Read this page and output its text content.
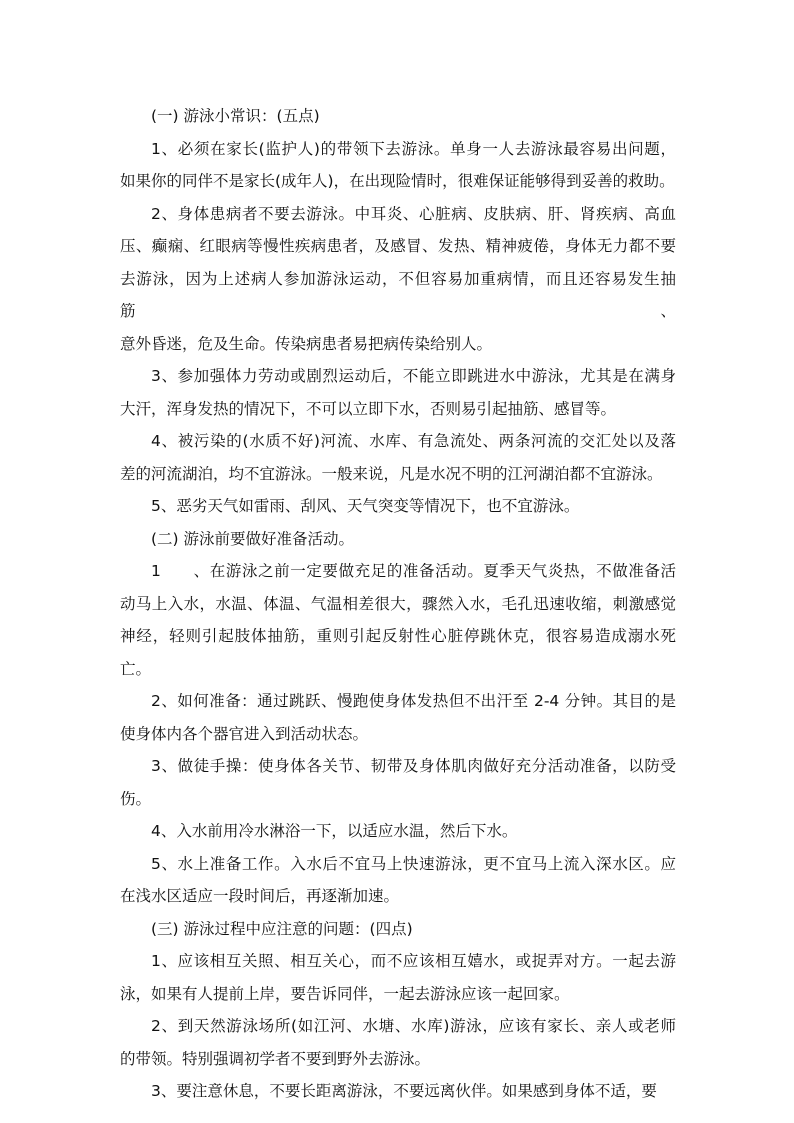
(一) 游泳小常识：(五点)
1、必须在家长(监护人)的带领下去游泳。单身一人去游泳最容易出问题，
如果你的同伴不是家长(成年人)，在出现险情时，很难保证能够得到妥善的救助。
2、身体患病者不要去游泳。中耳炎、心脏病、皮肤病、肝、肾疾病、高血
压、癫痫、红眼病等慢性疾病患者，及感冒、发热、精神疲倦，身体无力都不要
去游泳，因为上述病人参加游泳运动，不但容易加重病情，而且还容易发生抽筋、
意外昏迷，危及生命。传染病患者易把病传染给别人。
3、参加强体力劳动或剧烈运动后，不能立即跳进水中游泳，尤其是在满身
大汗，浑身发热的情况下，不可以立即下水，否则易引起抽筋、感冒等。
4、被污染的(水质不好)河流、水库、有急流处、两条河流的交汇处以及落
差的河流湖泊，均不宜游泳。一般来说，凡是水况不明的江河湖泊都不宜游泳。
5、恶劣天气如雷雨、刮风、天气突变等情况下，也不宜游泳。
(二) 游泳前要做好准备活动。
1　　、在游泳之前一定要做充足的准备活动。夏季天气炎热，不做准备活
动马上入水，水温、体温、气温相差很大，骤然入水，毛孔迅速收缩，刺激感觉
神经，轻则引起肢体抽筋，重则引起反射性心脏停跳休克，很容易造成溺水死亡。
2、如何准备：通过跳跃、慢跑使身体发热但不出汗至 2-4 分钟。其目的是
使身体内各个器官进入到活动状态。
3、做徒手操：使身体各关节、韧带及身体肌肉做好充分活动准备，以防受
伤。
4、入水前用冷水淋浴一下，以适应水温，然后下水。
5、水上准备工作。入水后不宜马上快速游泳，更不宜马上流入深水区。应
在浅水区适应一段时间后，再逐渐加速。
(三) 游泳过程中应注意的问题：(四点)
1、应该相互关照、相互关心，而不应该相互嬉水，或捉弄对方。一起去游
泳，如果有人提前上岸，要告诉同伴，一起去游泳应该一起回家。
2、到天然游泳场所(如江河、水塘、水库)游泳，应该有家长、亲人或老师
的带领。特别强调初学者不要到野外去游泳。
3、要注意休息，不要长距离游泳，不要远离伙伴。如果感到身体不适，要
